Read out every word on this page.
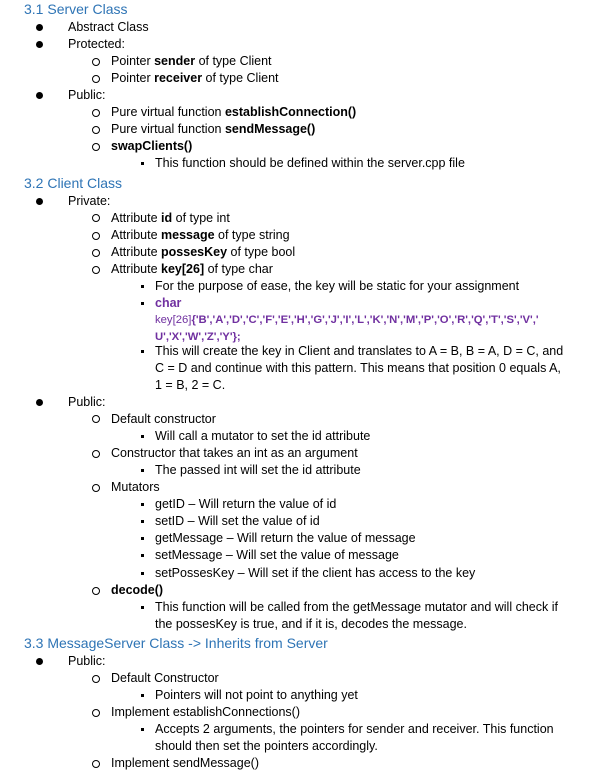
3.1 Server Class
Abstract Class
Protected:
Pointer sender of type Client
Pointer receiver of type Client
Public:
Pure virtual function establishConnection()
Pure virtual function sendMessage()
swapClients()
This function should be defined within the server.cpp file
3.2 Client Class
Private:
Attribute id of type int
Attribute message of type string
Attribute possesKey of type bool
Attribute key[26] of type char
For the purpose of ease, the key will be static for your assignment
char
key[26]{'B','A','D','C','F','E','H','G','J','I','L','K','N','M','P','O','R','Q','T','S','V','
U','X','W','Z','Y'};
This will create the key in Client and translates to A = B, B = A, D = C, and
C = D and continue with this pattern. This means that position 0 equals A,
1 = B, 2 = C.
Public:
Default constructor
Will call a mutator to set the id attribute
Constructor that takes an int as an argument
The passed int will set the id attribute
Mutators
getID – Will return the value of id
setID – Will set the value of id
getMessage – Will return the value of message
setMessage – Will set the value of message
setPossesKey – Will set if the client has access to the key
decode()
This function will be called from the getMessage mutator and will check if
the possesKey is true, and if it is, decodes the message.
3.3 MessageServer Class -> Inherits from Server
Public:
Default Constructor
Pointers will not point to anything yet
Implement establishConnections()
Accepts 2 arguments, the pointers for sender and receiver. This function
should then set the pointers accordingly.
Implement sendMessage()
